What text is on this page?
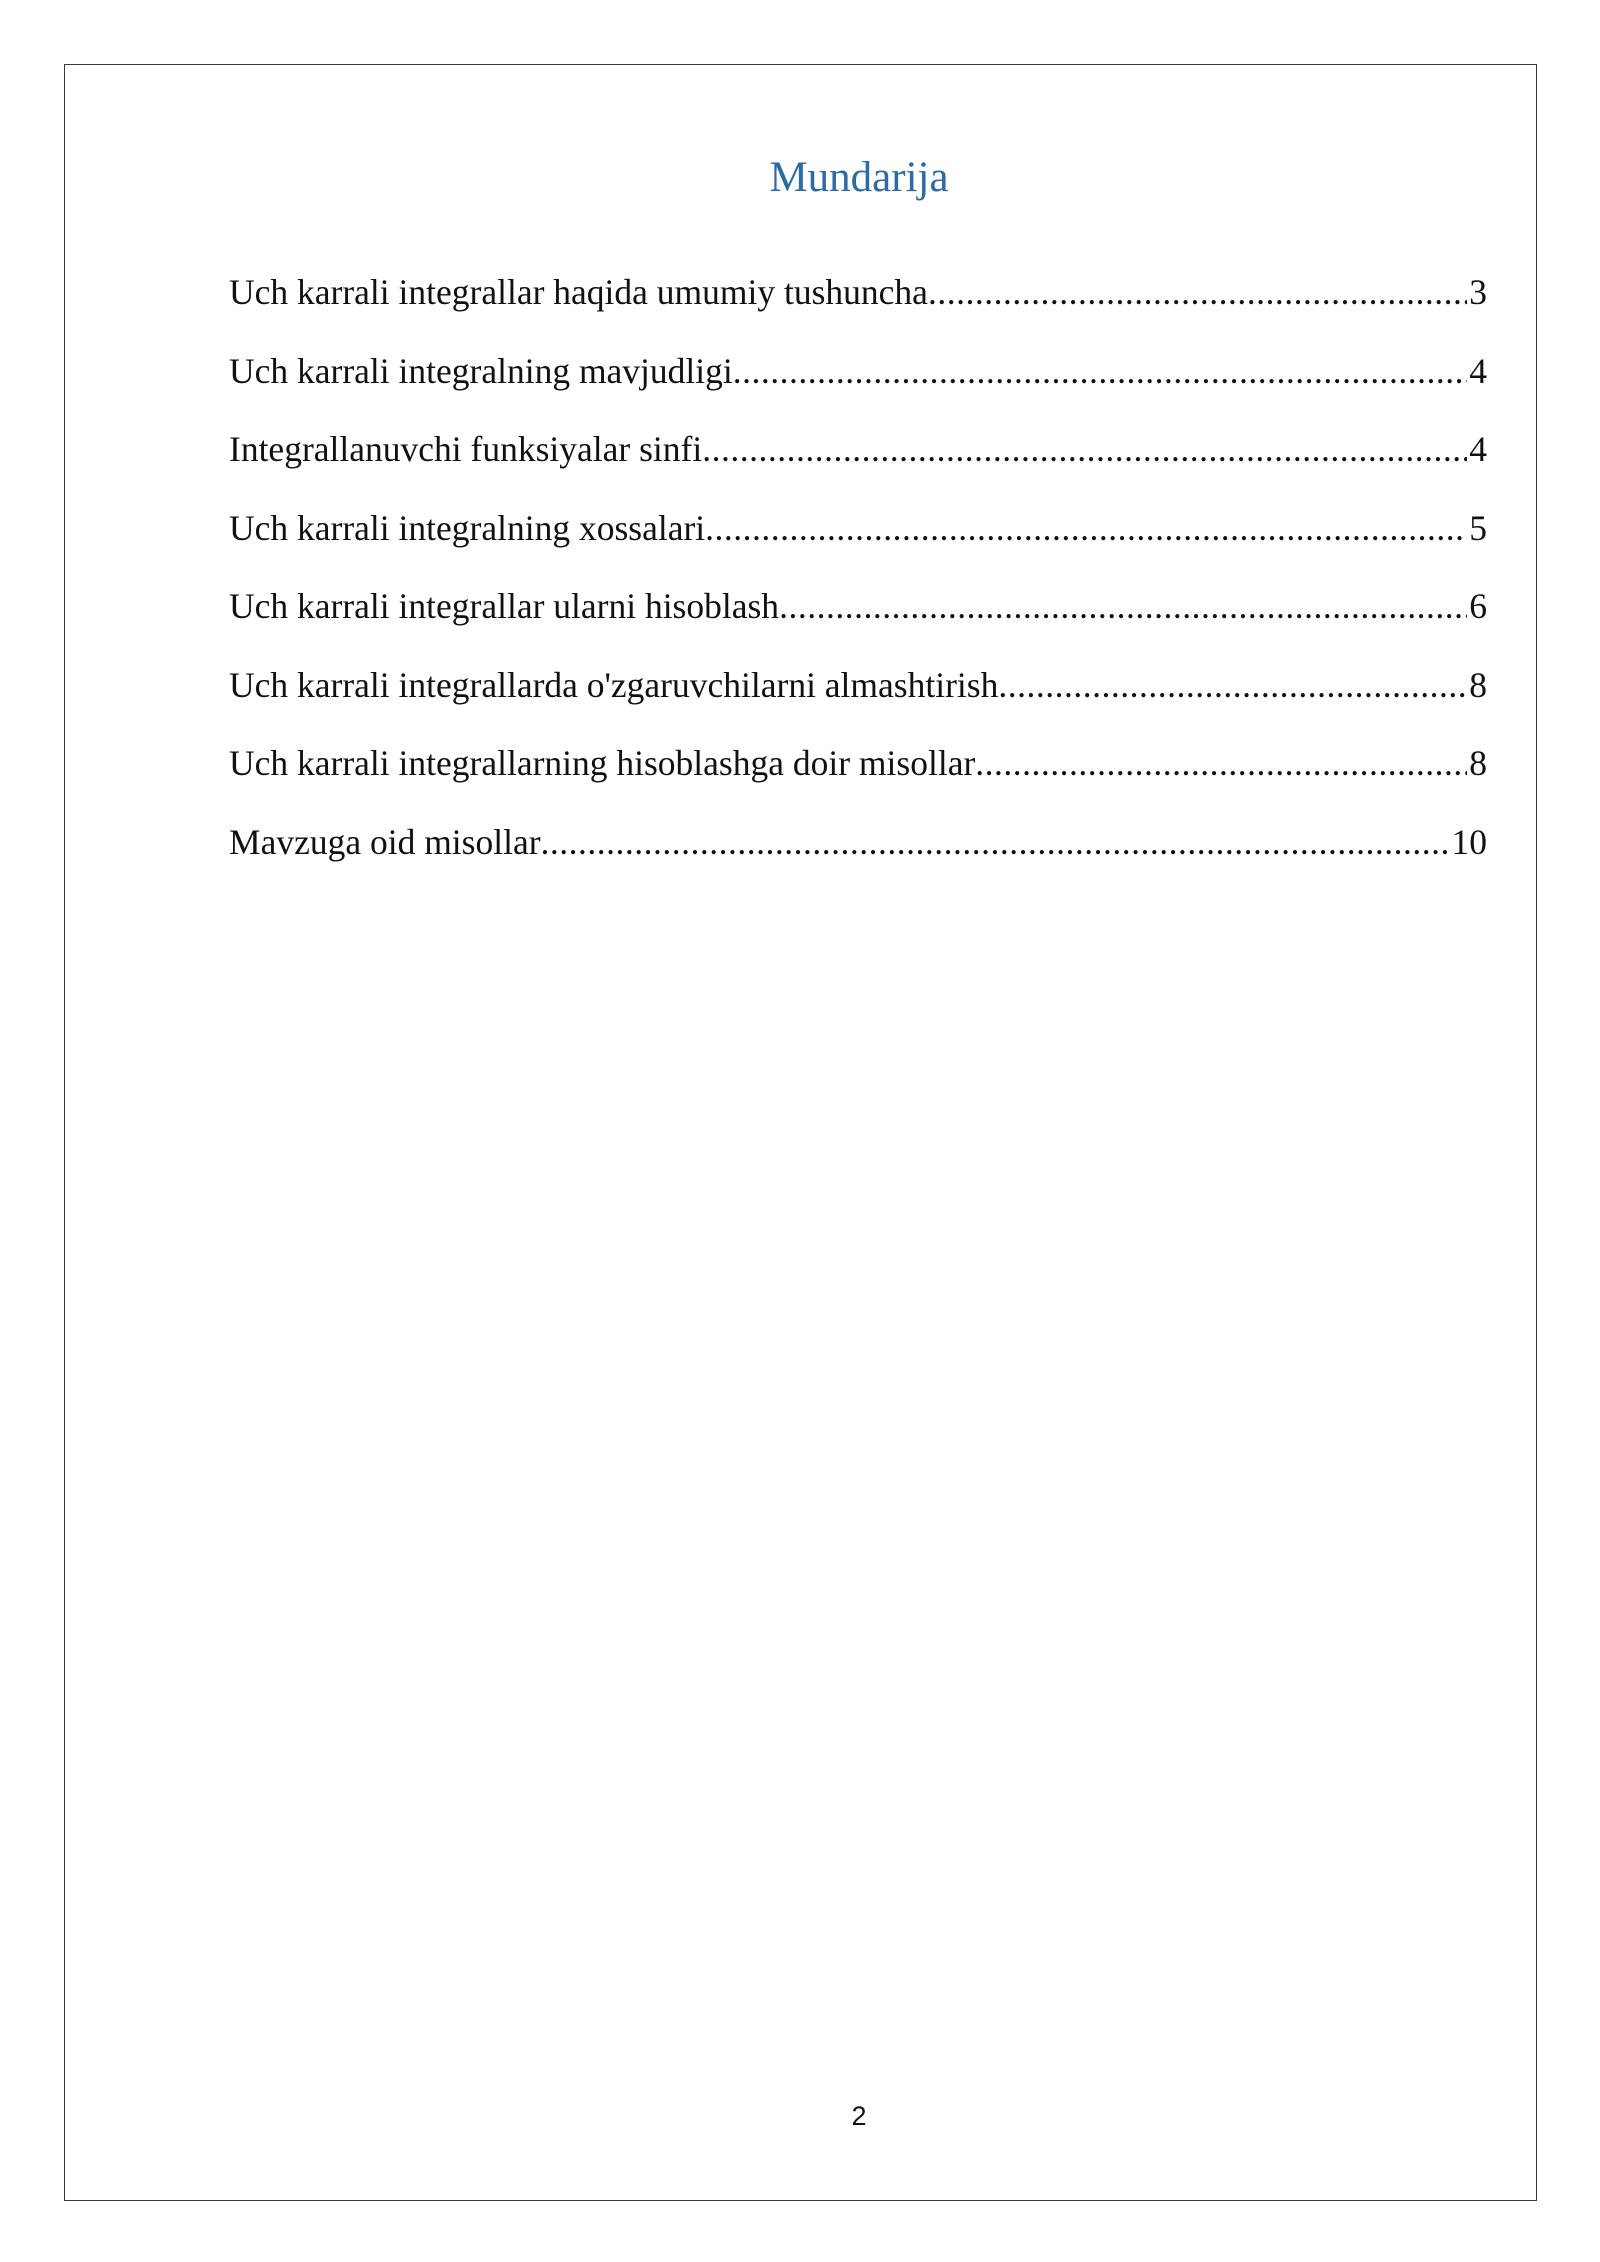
Mundarija
Uch karrali integrallar haqida umumiy tushuncha .....	3
Uch karrali integralning mavjudligi .....	4
Integrallanuvchi funksiyalar sinfi .....	4
Uch karrali integralning xossalari .....	5
Uch karrali integrallar ularni hisoblash .....	6
Uch karrali integrallarda o'zgaruvchilarni almashtirish .....	8
Uch karrali integrallarning hisoblashga doir misollar .....	8
Mavzuga oid misollar .....	10
2
